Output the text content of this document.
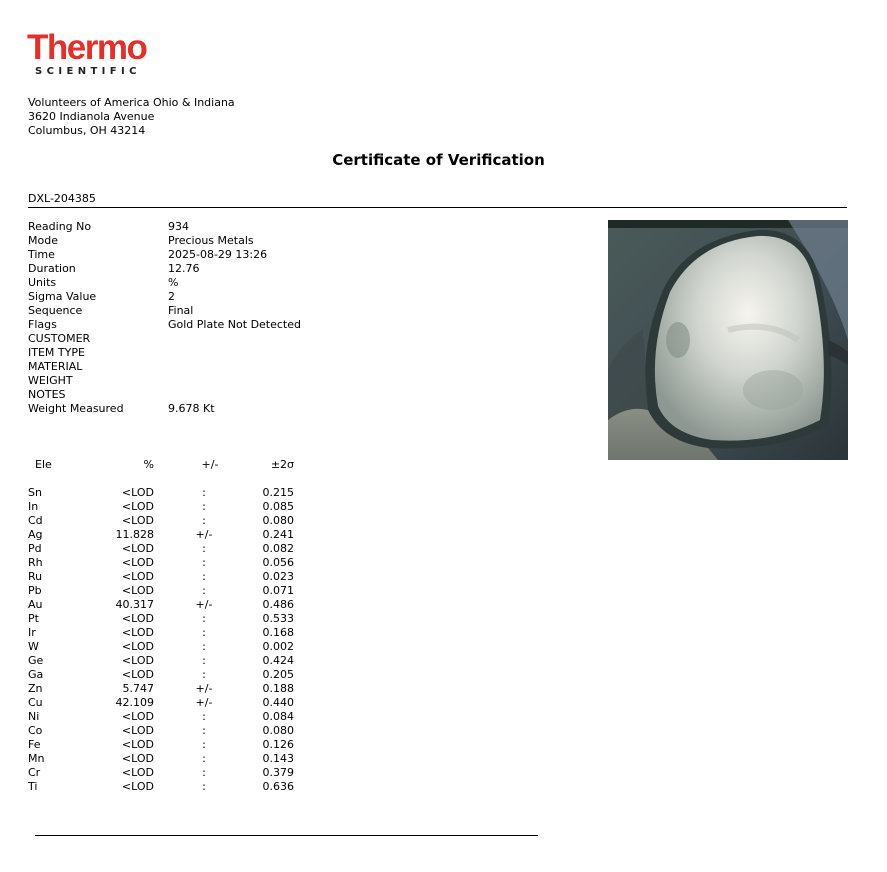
Thermo
SCIENTIFIC
Volunteers of America Ohio & Indiana
3620 Indianola Avenue
Columbus, OH 43214
Certificate of Verification
DXL-204385
Reading No	934
Mode	Precious Metals
Time	2025-08-29 13:26
Duration	12.76
Units	%
Sigma Value	2
Sequence	Final
Flags	Gold Plate Not Detected
CUSTOMER
ITEM TYPE
MATERIAL
WEIGHT
NOTES
Weight Measured	9.678 Kt
Ele	%	+/-	±2σ
Sn	<LOD	:	0.215
In	<LOD	:	0.085
Cd	<LOD	:	0.080
Ag	11.828	+/-	0.241
Pd	<LOD	:	0.082
Rh	<LOD	:	0.056
Ru	<LOD	:	0.023
Pb	<LOD	:	0.071
Au	40.317	+/-	0.486
Pt	<LOD	:	0.533
Ir	<LOD	:	0.168
W	<LOD	:	0.002
Ge	<LOD	:	0.424
Ga	<LOD	:	0.205
Zn	5.747	+/-	0.188
Cu	42.109	+/-	0.440
Ni	<LOD	:	0.084
Co	<LOD	:	0.080
Fe	<LOD	:	0.126
Mn	<LOD	:	0.143
Cr	<LOD	:	0.379
Ti	<LOD	:	0.636
